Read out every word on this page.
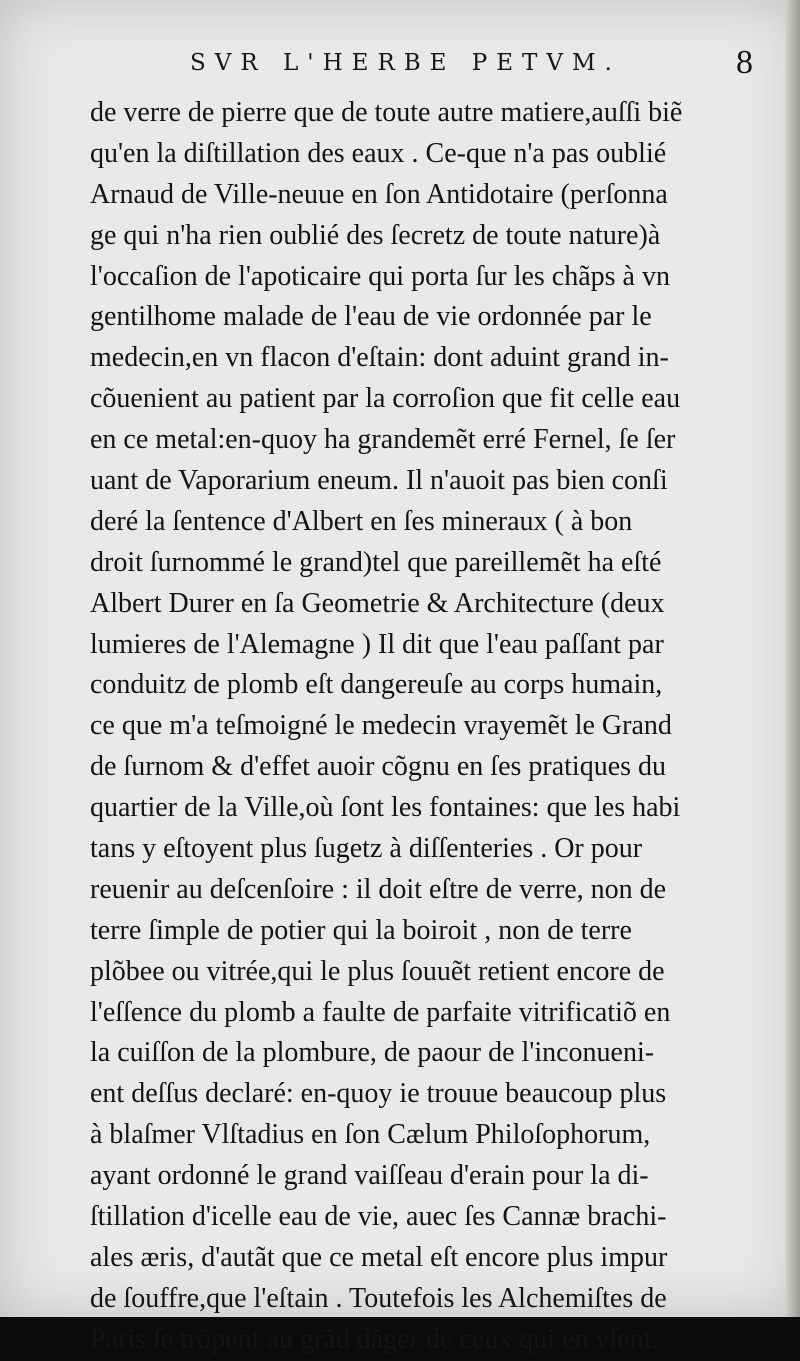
SVR L'HERBE PETVM.	8
de verre de pierre que de toute autre matiere,auſſi biẽ
qu'en la diſtillation des eaux . Ce-que n'a pas oublié
Arnaud de Ville-neuue en ſon Antidotaire (perſonna
ge qui n'ha rien oublié des ſecretz de toute nature)à
l'occaſion de l'apoticaire qui porta ſur les chãps à vn
gentilhome malade de l'eau de vie ordonnée par le
medecin,en vn flacon d'eſtain: dont aduint grand in-
cõuenient au patient par la corroſion que fit celle eau
en ce metal:en-quoy ha grandemẽt erré Fernel, ſe ſer
uant de Vaporarium eneum. Il n'auoit pas bien conſi
deré la ſentence d'Albert en ſes mineraux ( à bon
droit ſurnommé le grand)tel que pareillemẽt ha eſté
Albert Durer en ſa Geometrie & Architecture (deux
lumieres de l'Alemagne ) Il dit que l'eau paſſant par
conduitz de plomb eſt dangereuſe au corps humain,
ce que m'a teſmoigné le medecin vrayemẽt le Grand
de ſurnom & d'effet auoir cõgnu en ſes pratiques du
quartier de la Ville,où ſont les fontaines: que les habi
tans y eſtoyent plus ſugetz à diſſenteries . Or pour
reuenir au deſcenſoire : il doit eſtre de verre, non de
terre ſimple de potier qui la boiroit , non de terre
plõbee ou vitrée,qui le plus ſouuẽt retient encore de
l'eſſence du plomb a faulte de parfaite vitrificatiõ en
la cuiſſon de la plombure, de paour de l'inconueni-
ent deſſus declaré: en-quoy ie trouue beaucoup plus
à blaſmer Vlſtadius en ſon Cælum Philoſophorum,
ayant ordonné le grand vaiſſeau d'erain pour la di-
ſtillation d'icelle eau de vie, auec ſes Cannæ brachi-
ales æris, d'autãt que ce metal eſt encore plus impur
de ſouffre,que l'eſtain . Toutefois les Alchemiſtes de
Paris ſe trõpent au grãd dãger de ceux qui en vſent.
